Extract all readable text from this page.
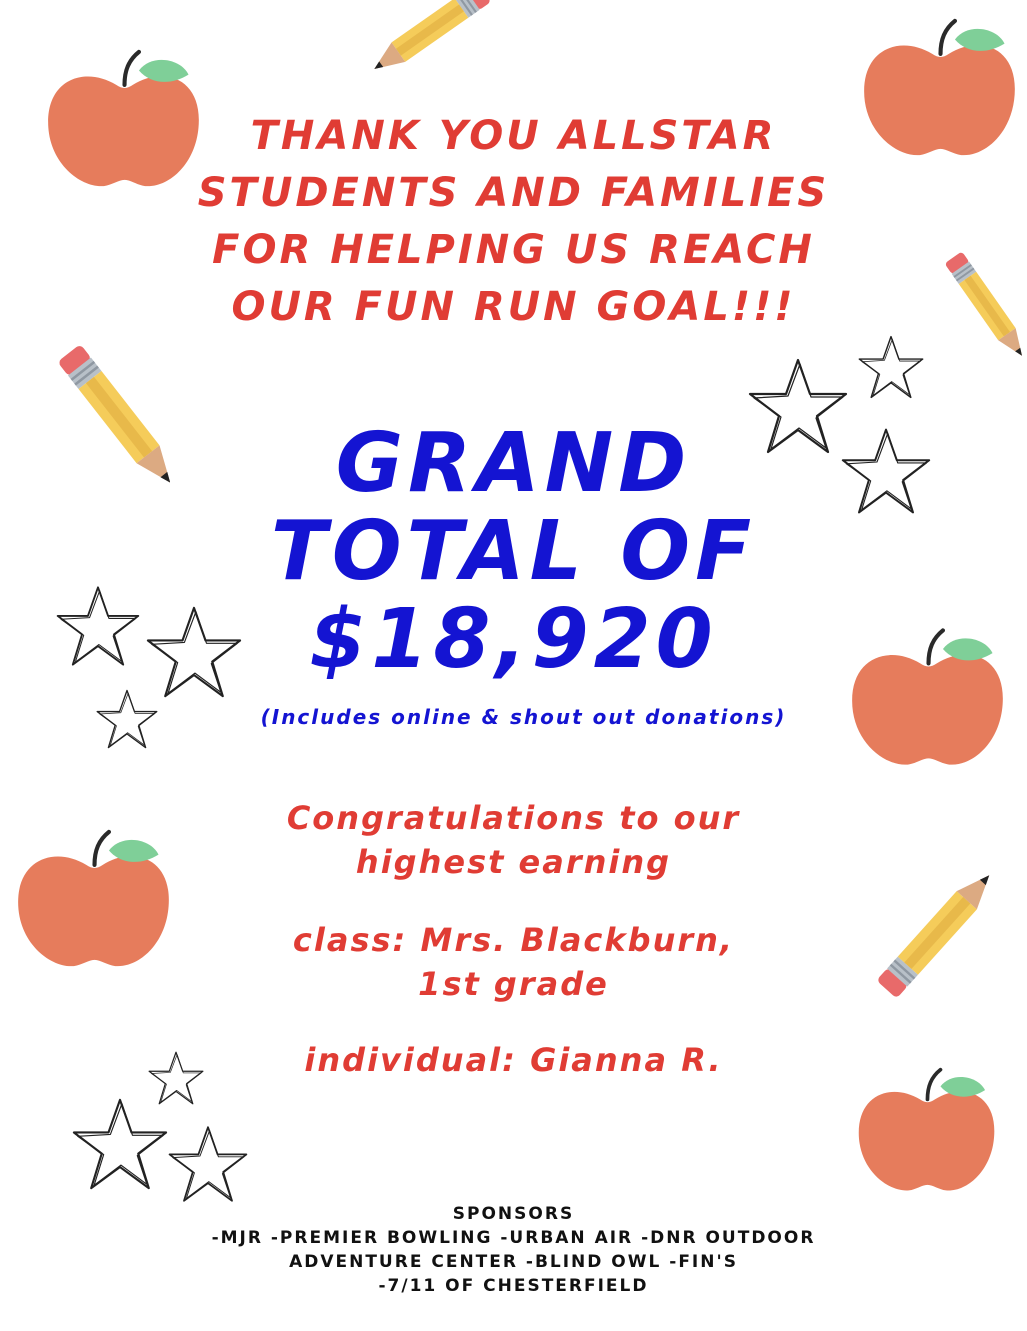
THANK YOU ALLSTAR
STUDENTS AND FAMILIES
FOR HELPING US REACH
OUR FUN RUN GOAL!!!
GRAND
TOTAL OF
$18,920
(Includes online & shout out donations)
Congratulations to our
highest earning
class: Mrs. Blackburn,
1st grade
individual: Gianna R.
SPONSORS
-MJR -PREMIER BOWLING -URBAN AIR -DNR OUTDOOR
ADVENTURE CENTER -BLIND OWL -FIN'S
-7/11 OF CHESTERFIELD
